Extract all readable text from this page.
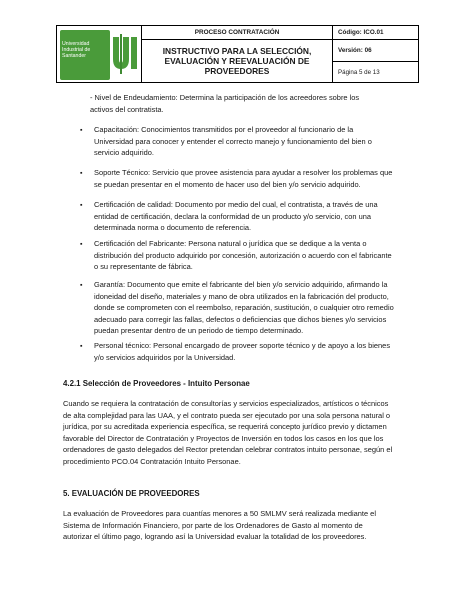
Universidad Industrial de Santander	PROCESO CONTRATACIÓN	Código: ICO.01

	INSTRUCTIVO PARA LA SELECCIÓN,
EVALUACIÓN Y REEVALUACIÓN DE
PROVEEDORES	Versión: 06
		Página 5 de 13
- Nivel de Endeudamiento: Determina la participación de los acreedores sobre los
activos del contratista.
▪ Capacitación: Conocimientos transmitidos por el proveedor al funcionario de la
Universidad para conocer y entender el correcto manejo y funcionamiento del bien o
servicio adquirido.
▪ Soporte Técnico: Servicio que provee asistencia para ayudar a resolver los problemas que
se puedan presentar en el momento de hacer uso del bien y/o servicio adquirido.
▪ Certificación de calidad: Documento por medio del cual, el contratista, a través de una
entidad de certificación, declara la conformidad de un producto y/o servicio, con una
determinada norma o documento de referencia.
▪ Certificación del Fabricante: Persona natural o jurídica que se dedique a la venta o
distribución del producto adquirido por concesión, autorización o acuerdo con el fabricante
o su representante de fábrica.
▪ Garantía: Documento que emite el fabricante del bien y/o servicio adquirido, afirmando la
idoneidad del diseño, materiales y mano de obra utilizados en la fabricación del producto,
donde se comprometen con el reembolso, reparación, sustitución, o cualquier otro remedio
adecuado para corregir las fallas, defectos o deficiencias que dichos bienes y/o servicios
puedan presentar dentro de un periodo de tiempo determinado.
▪ Personal técnico: Personal encargado de proveer soporte técnico y de apoyo a los bienes
y/o servicios adquiridos por la Universidad.
4.2.1 Selección de Proveedores - Intuito Personae
Cuando se requiera la contratación de consultorías y servicios especializados, artísticos o técnicos
de alta complejidad para las UAA, y el contrato pueda ser ejecutado por una sola persona natural o
jurídica, por su acreditada experiencia específica, se requerirá concepto jurídico previo y dictamen
favorable del Director de Contratación y Proyectos de Inversión en todos los casos en los que los
ordenadores de gasto delegados del Rector pretendan celebrar contratos intuito personae, según el
procedimiento PCO.04 Contratación Intuito Personae.
5. EVALUACIÓN DE PROVEEDORES
La evaluación de Proveedores para cuantías menores a 50 SMLMV será realizada mediante el
Sistema de Información Financiero, por parte de los Ordenadores de Gasto al momento de
autorizar el último pago, logrando así la Universidad evaluar la totalidad de los proveedores.
